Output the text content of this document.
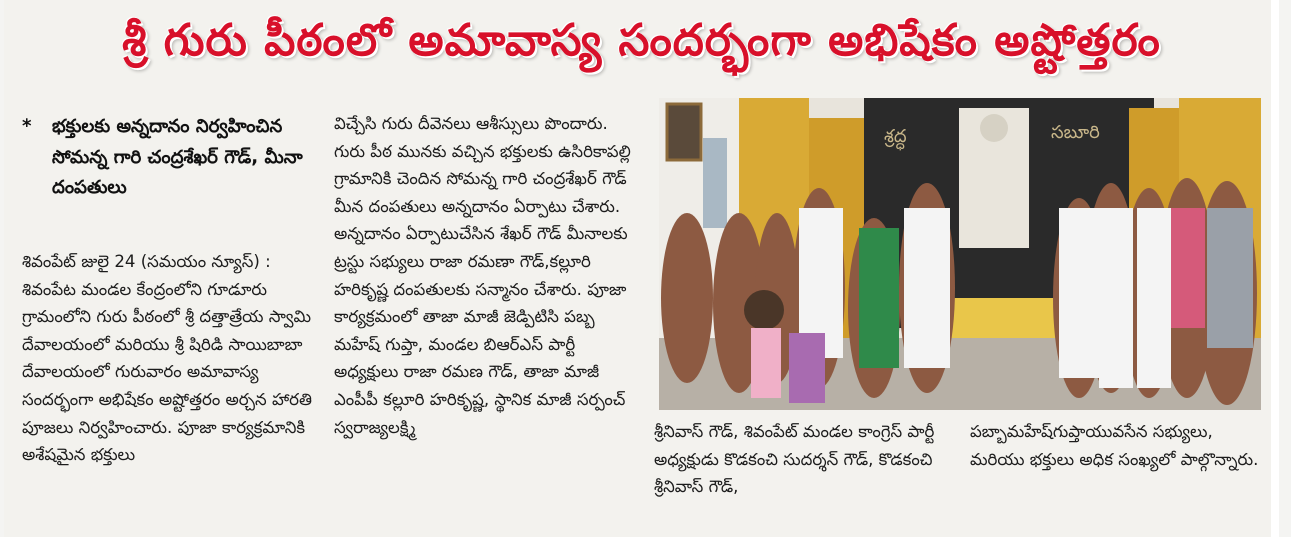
శ్రీ గురు పీఠంలో అమావాస్య సందర్భంగా అభిషేకం అష్టోత్తరం
*	భక్తులకు అన్నదానం నిర్వహించిన సోమన్న గారి చంద్రశేఖర్ గౌడ్, మీనా దంపతులు

శివంపేట్ జులై 24 (సమయం న్యూస్) : శివంపేట మండల కేంద్రంలోని గూడూరు గ్రామంలోని గురు పీఠంలో శ్రీ దత్తాత్రేయ స్వామి దేవాలయంలో మరియు శ్రీ షిరిడి సాయిబాబా దేవాలయంలో గురువారం అమావాస్య సందర్భంగా అభిషేకం అష్టోత్తరం అర్చన హారతి పూజలు నిర్వహించారు. పూజా కార్యక్రమానికి అశేషమైన భక్తులు

విచ్చేసి గురు దీవెనలు ఆశీస్సులు పొందారు. గురు పీఠ మునకు వచ్చిన భక్తులకు ఉసిరికాపల్లి గ్రామానికి చెందిన సోమన్న గారి చంద్రశేఖర్ గౌడ్ మీన దంపతులు అన్నదానం ఏర్పాటు చేశారు. అన్నదానం ఏర్పాటుచేసిన శేఖర్ గౌడ్ మీనాలకు ట్రస్టు సభ్యులు రాజా రమణా గౌడ్,కల్లూరి హరికృష్ణ దంపతులకు సన్మానం చేశారు. పూజా కార్యక్రమంలో తాజా మాజీ జెడ్పిటిసి పబ్బ మహేష్ గుప్తా, మండల బిఆర్ఎస్ పార్టీ అధ్యక్షులు రాజా రమణ గౌడ్, తాజా మాజీ ఎంపీపీ కల్లూరి హరికృష్ణ, స్థానిక మాజీ సర్పంచ్ స్వరాజ్యలక్ష్మి

శ్రద్ధ	సబూరి

శ్రీనివాస్ గౌడ్, శివంపేట్ మండల కాంగ్రెస్ పార్టీ అధ్యక్షుడు కొడకంచి సుదర్శన్ గౌడ్, కొడకంచి శ్రీనివాస్ గౌడ్,

పబ్బామహేష్‌గుప్తాయువసేన సభ్యులు, మరియు భక్తులు అధిక సంఖ్యలో పాల్గొన్నారు.
